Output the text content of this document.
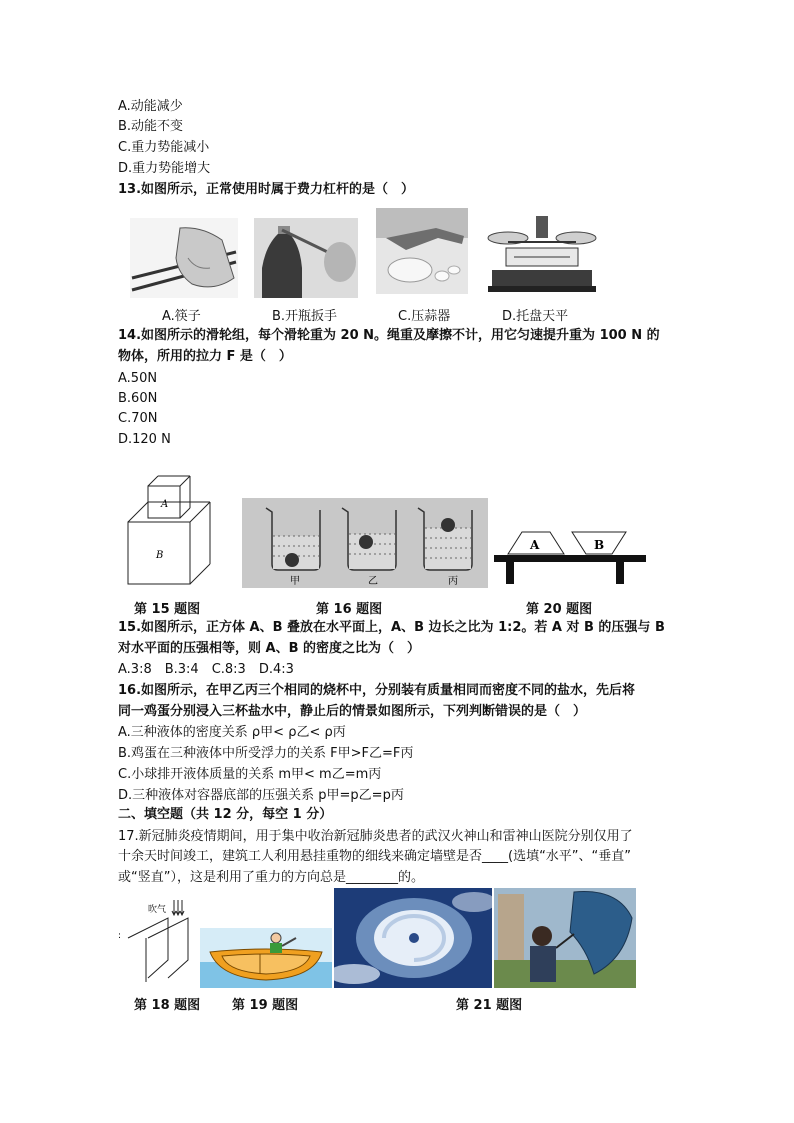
A.动能减少
B.动能不变
C.重力势能减小
D.重力势能增大
13.如图所示，正常使用时属于费力杠杆的是（　）
A.筷子	B.开瓶扳手	C.压蒜器	D.托盘天平
14.如图所示的滑轮组，每个滑轮重为 20 N。绳重及摩擦不计，用它匀速提升重为 100 N 的
物体，所用的拉力 F 是（　）
A.50N
B.60N
C.70N
D.120 N
A
B
甲	乙	丙
A	B
第 15 题图	第 16 题图	第 20 题图
15.如图所示，正方体 A、B 叠放在水平面上，A、B 边长之比为 1:2。若 A 对 B 的压强与 B
对水平面的压强相等，则 A、B 的密度之比为（　）
A.3:8　B.3:4　C.8:3　D.4:3
16.如图所示，在甲乙丙三个相同的烧杯中，分别装有质量相同而密度不同的盐水，先后将
同一鸡蛋分别浸入三杯盐水中，静止后的情景如图所示，下列判断错误的是（　）
A.三种液体的密度关系 ρ甲< ρ乙< ρ丙
B.鸡蛋在三种液体中所受浮力的关系 F甲>F乙=F丙
C.小球排开液体质量的关系 m甲< m乙=m丙
D.三种液体对容器底部的压强关系 p甲=p乙=p丙
二、填空题（共 12 分，每空 1 分）
17.新冠肺炎疫情期间，用于集中收治新冠肺炎患者的武汉火神山和雷神山医院分别仅用了
十余天时间竣工，建筑工人利用悬挂重物的细线来确定墙壁是否____(选填“水平”、“垂直”
或“竖直”），这是利用了重力的方向总是________的。
吹气
:
第 18 题图 第 19 题图	第 21 题图
